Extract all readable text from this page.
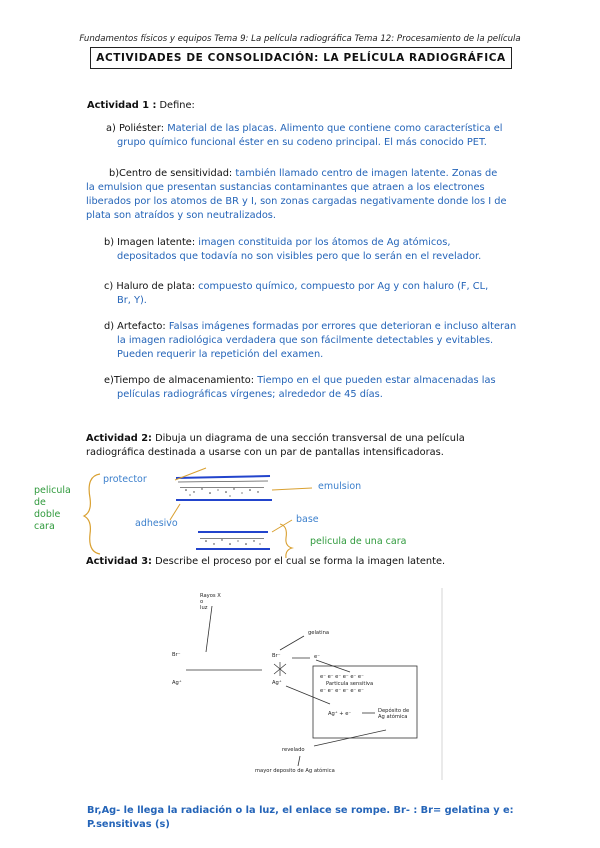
Fundamentos físicos y equipos Tema 9: La película radiográfica Tema 12: Procesamiento de la película
ACTIVIDADES DE CONSOLIDACIÓN: LA PELÍCULA RADIOGRÁFICA
Actividad 1 : Define:
a) Poliéster: Material de las placas. Alimento que contiene como característica el
grupo químico funcional éster en su codeno principal. El más conocido PET.
b)Centro de sensitividad: también llamado centro de imagen latente. Zonas de
la emulsion que presentan sustancias contaminantes que atraen a los electrones
liberados por los atomos de BR y I, son zonas cargadas negativamente donde los I de
plata son atraídos y son neutralizados.
b) Imagen latente: imagen constituida por los átomos de Ag atómicos,
depositados que todavía no son visibles pero que lo serán en el revelador.
c) Haluro de plata: compuesto químico, compuesto por Ag y con haluro (F, CL,
Br, Y).
d) Artefacto: Falsas imágenes formadas por errores que deterioran e incluso alteran
la imagen radiológica verdadera que son fácilmente detectables y evitables.
Pueden requerir la repetición del examen.
e)Tiempo de almacenamiento: Tiempo en el que pueden estar almacenadas las
películas radiográficas vírgenes; alrededor de 45 días.
Actividad 2: Dibuja un diagrama de una sección transversal de una película
radiográfica destinada a usarse con un par de pantallas intensificadoras.
protector
emulsion
adhesivo	base
pelicula de una cara
pelicula
de
doble
cara
Actividad 3: Describe el proceso por el cual se forma la imagen latente.
Rayos X
o
luz
Br⁻
Ag⁺
Br⁻
Ag⁺
gelatina
e⁻
e⁻ e⁻ e⁻ e⁻ e⁻ e⁻
Particula sensitiva
e⁻ e⁻ e⁻ e⁻ e⁻ e⁻
Ag⁺ + e⁻	Depósito de
Ag atómica
revelado
mayor deposito de Ag atómica
Br,Ag- le llega la radiación o la luz, el enlace se rompe. Br- : Br= gelatina y e:
P.sensitivas (s)
